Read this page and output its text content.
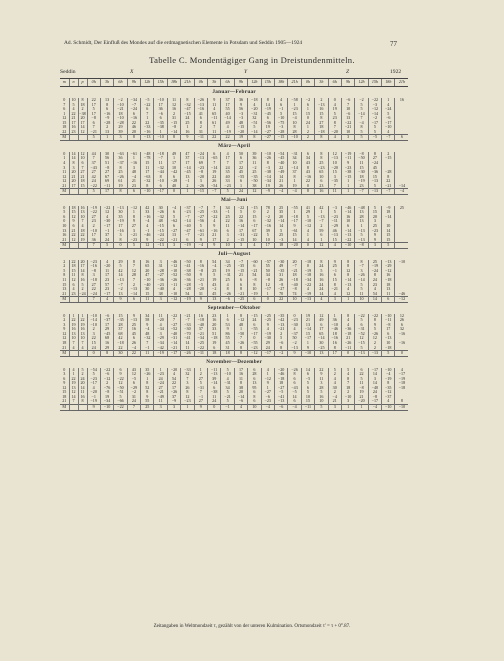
Ad. Schmidt, Der Einfluß des Mondes auf die erdmagnetischen Elemente in Potsdam und Seddin 1905—1924	77
Tabelle C. Mondentägiger Gang in Dreistundenmitteln.
Seddin	X	Y	Z	1922
m	n	p	0h	3h	6h	9h	12h	15h	18h	21h	0h	3h	6h	9h	12h	15h	18h	21h	0h	3h	6h	9h	12h	15h	18h	21h
Januar—Februar																										
0	10	8	22	13	−2	−34	−5	−10	11	8	−26	9	37	36	−18	8	4	−58	−2	2	0	−6	−2	−22	1	16
7	5	18	17	8	−10	−7	−22	17	12	−32	−13	11	17	9	4	14	6	1	6	−13	4	7	5	−3	4	
6	4	2	5	6	−21	−24	6	36	16	−47	−16	4	55	56	−20	−19	−1	−23	1	16	19	10	5	−12	−24	
1	22	−38	17	−16	18	6	7	−6	2	−15	41	65	40	−3	−31	−45	5	15	15	15	5	−6	−14	−14	5	
12	21	20	−8	−9	−10	−16	1	6	31	24	6	−11	−14	−3	32	6	−10	−4	0	8	23	13	7	−2	−6	
15	17	17	6	−28	−28	22	22	−35	−15	25	8	61	49	48	−51	−56	−75	10	24	27	8	−22	−4	−17	−17	
18	16	14	7	2	29	46	−33	−38	−8	1	2	7	4	−15	5	19	−3	8	1	18	7	−21	8	5	−10	
22	23	12	−21	13	39	20	−16	1	−14	16	31	11	−19	−20	−14	−27	−28	28	2	−18	−20	10	5	5	4	
M			5	1	3	8	−13	−10	8	9	−11	22	22	19	8	−27	−15	−10	2	8	4	3	5	−5	−7	6
März—April																										
0	14	12	44	30	−63	−61	−48	−18	49	47	−24	6	4	50	39	−10	−54	−31	6	8	12	−19	−8	8	2	
1	14	10	7	56	36	1	−78	−7	1	37	−13	−65	17	6	36	−26	−45	34	34	8	−13	−11	−50	27	−15	
4	8	6	37	51	−37	−16	15	11	17	17	69	7	7	17	11	8	−40	10	43	25	10	9	11	−24		
3	3	7	−43	−8	8	3	11	−32	10	−14	−23	−14	24	22	−2	−3	22	−14	8	−23	−20	−23	15	45		
11	20	27	27	27	25	48	17	−44	−42	−45	−8	19	35	45	25	−38	−49	37	43	65	15	−38	−30	−36	−28	
12	21	21	42	67	−26	−4	−63	8	6	13	−20	22	40	−55	−35	−14	14	8	−16	10	3	−15	18	15	8	
12	20	18	24	69	61	21	−32	−10	−28	−1	3	26	33	6	−50	−34	21	1	22	6	−35	1	−19	−13	22	
21	17	15	−22	−11	19	23	8	6	40	2	−26	−54	−23	1	38	19	26	19	0	23	7	1	23	5	−21	−14
M			5	17	8	6	−10	−17	0	1	−15	−7	5	24	12	−9	−4	−4	8	16	11	1	−7	−13	−7	−4
Mai—Juni																										
0	18	16	−19	−22	−13	−12	42	30	−4	−37	−7	7	34	−22	−15	78	25	−55	41	42	−3	−46	−48	5	−9	25
5	15	13	−22	12	30	1	33	−26	6	−23	−25	−33	−1	5	0	2	35	1	29	1	5	−14	13	15	18	
6	12	10	27	4	35	8	−16	−32	5	−7	−27	−22	25	22	15	−2	20	−18	5	−13	−23	16	28	20	−14	
0	9	7	23	−30	−19	9	−4	48	−62	−14	−56	4	22	16	6	−32	−14	−17	−10	−7	−11	10	13	3		
10	6	4	2	−17	17	27	4	−15	6	−40	5	9	11	−14	−17	−16	14	9	−12	2	−29	6	1	25	10	
13	21	18	−10	−1	−16	3	−1	−15	−27	−47	−61	−16	6	17	67	39	5	−61	4	59	46	−14	−13	−23	14	
16	22	22	17	37	3	−21	−46	−24	13	−7	−21	21	3	−31	−22	5	25	15	1	6	−13	−13	5	9	15	
21	12	19	36	24	8	−23	9	−22	−21	6	9	17	2	−15	10	10	−3	14	4	1	15	−22	−13	9	15	
M			7	5	0	5	12	−13	3	−19	−4	9	10	3	4	17	18	−20	0	12	4	−10	−8	3	5	
Juli—August																										
2	22	20	−23	4	29	8	16	3	−46	−50	8	54	34	−7	−60	−57	−30	20	−18	8	9	8	8	25	−13	−10
2	18	17	−16	−20	5	7	65	31	−12	−41	−16	−4	−25	−35	6	55	49	−7	0	24	25	8	−7	−19	−29	
5	15	14	−8	11	42	12	20	−28	−10	−38	−8	25	19	−15	−21	50	−35	−21	−19	5	−1	12	3	−24	−12	
8	11	8	3	17	14	28	47	−27	−52	−50	9	5	−31	21	54	34	31	18	−18	16	6	8	−26	8	16	
11	12	16	−18	23	−13	7	−10	−36	−26	−36	−21	19	25	6	−8	−8	26	−18	−34	16	15	−14	−14	24	−18	
15	6	5	27	57	−7	2	−40	−23	−11	−28	−5	43	4	6	8	12	−8	−40	−22	24	8	−13	5	23	18	
13	4	2	22	23	−2	−13	30	−40	4	−28	−20	−2	8	8	10	−17	−27	−8	4	24	−21	4	5	4	13	
21	23	−24	−24	−17	13	−14	15	38	−10	54	31	45	−26	−21	−19	1	70	74	−19	14	4	12	11	54	11	−46
M			7	4	9	6	11	3	−12	−19	9	13	−6	−25	6	0	22	10	−13	4	3	1	10	14	6	−12
September—Oktober																										
0	1	1	−10	−6	15	9	34	11	−22	−21	16	23	1	8	−15	−25	−35	0	19	12	1	8	−22	−22	−10	12
2	22	22	−14	−37	−35	−13	58	−20	7	−7	−18	16	6	−12	24	−25	−42	−23	21	49	36	4	5	8	−11	26
3	19	19	−10	17	28	25	9	4	−27	−33	−40	20	53	48	6	9	−13	−30	13	6	−10	4	6	9	−8	6
9	16	16	2	29	37	16	−4	−34	−52	−30	37	33	9	1	−55	4	−21	4	−14	17	−46	−36	−31	5	17	32
12	13	13	3	−45	68	45	48	3	−40	−70	−21	51	86	−50	−17	−19	2	−37	15	65	18	−18	−52	−26	6	−16
12	10	10	22	68	42	6	−32	−29	−31	−41	−34	−18	55	7	0	−30	5	50	−17	−14	−16	21	12	12	−13	
18	7	7	15	16	−18	26	7	−34	−14	14	−25	19	45	−26	−55	29	−6	−2	1	30	16	−26	−15	2	10	−16
21	4	4	24	29	22	−4	−1	−42	−21	11	−22	6	31	8	−23	24	8	−13	9	−25	8	−11	5	2	−18	
M			0	8	30	22	11	−19	−17	−26	−11	18	18	8	−12	−17	−2	9	−10	13	17	0	−13	−13	5	0
November—Dezember																										
0	4	5	−54	−22	6	43	35	1	−20	−33	1	−11	5	17	6	4	−20	−26	14	22	5	5	6	−17	−10	4
3	1	2	5	−6	9	12	−26	−23	4	32	2	−13	−10	16	28	1	−46	8	6	9	2	4	22	14	−4	−17
6	22	24	−23	−12	−22	−5	1	24	54	7	27	39	4	11	6	−12	−18	6	−5	11	4	8	5	3	−19	−19
9	19	20	−17	2	12	6	8	−24	22	3	5	−14	−31	8	13	9	18	6	5	3	4	7	11	14	8	−18
12	13	14	4	−76	−50	−29	52	27	17	26	−31	6	34	38	95	1	−27	−43	6	28	30	18	−8	−40	−35	−18
15	12	11	−20	−8	−51	−2	8	−21	−26	8	7	−38	5	20	6	−27	−5	−5	5	5	2	2	19	24	−12	
18	14	16	−1	19	5	31	9	−49	37	12	−1	11	−21	−14	8	−6	−41	14	10	16	−4	−10	21	−8	−37	
21	7	8	−19	−34	−66	24	55	11	−9	−23	27	24	5	−6	6	−23	−13	6	15	10	21	3	−20	−17	4	8
M			9	−10	−22	7	25	3	3	1	9	0	−1	4	10	−4	−6	−4	−11	5	3	1	1	−4	−10	−10
Zeitangaben in Weltmondzeit τ, gezählt von der unteren Kulmination. Ortsmondzeit τ' = τ + 0°.87.
